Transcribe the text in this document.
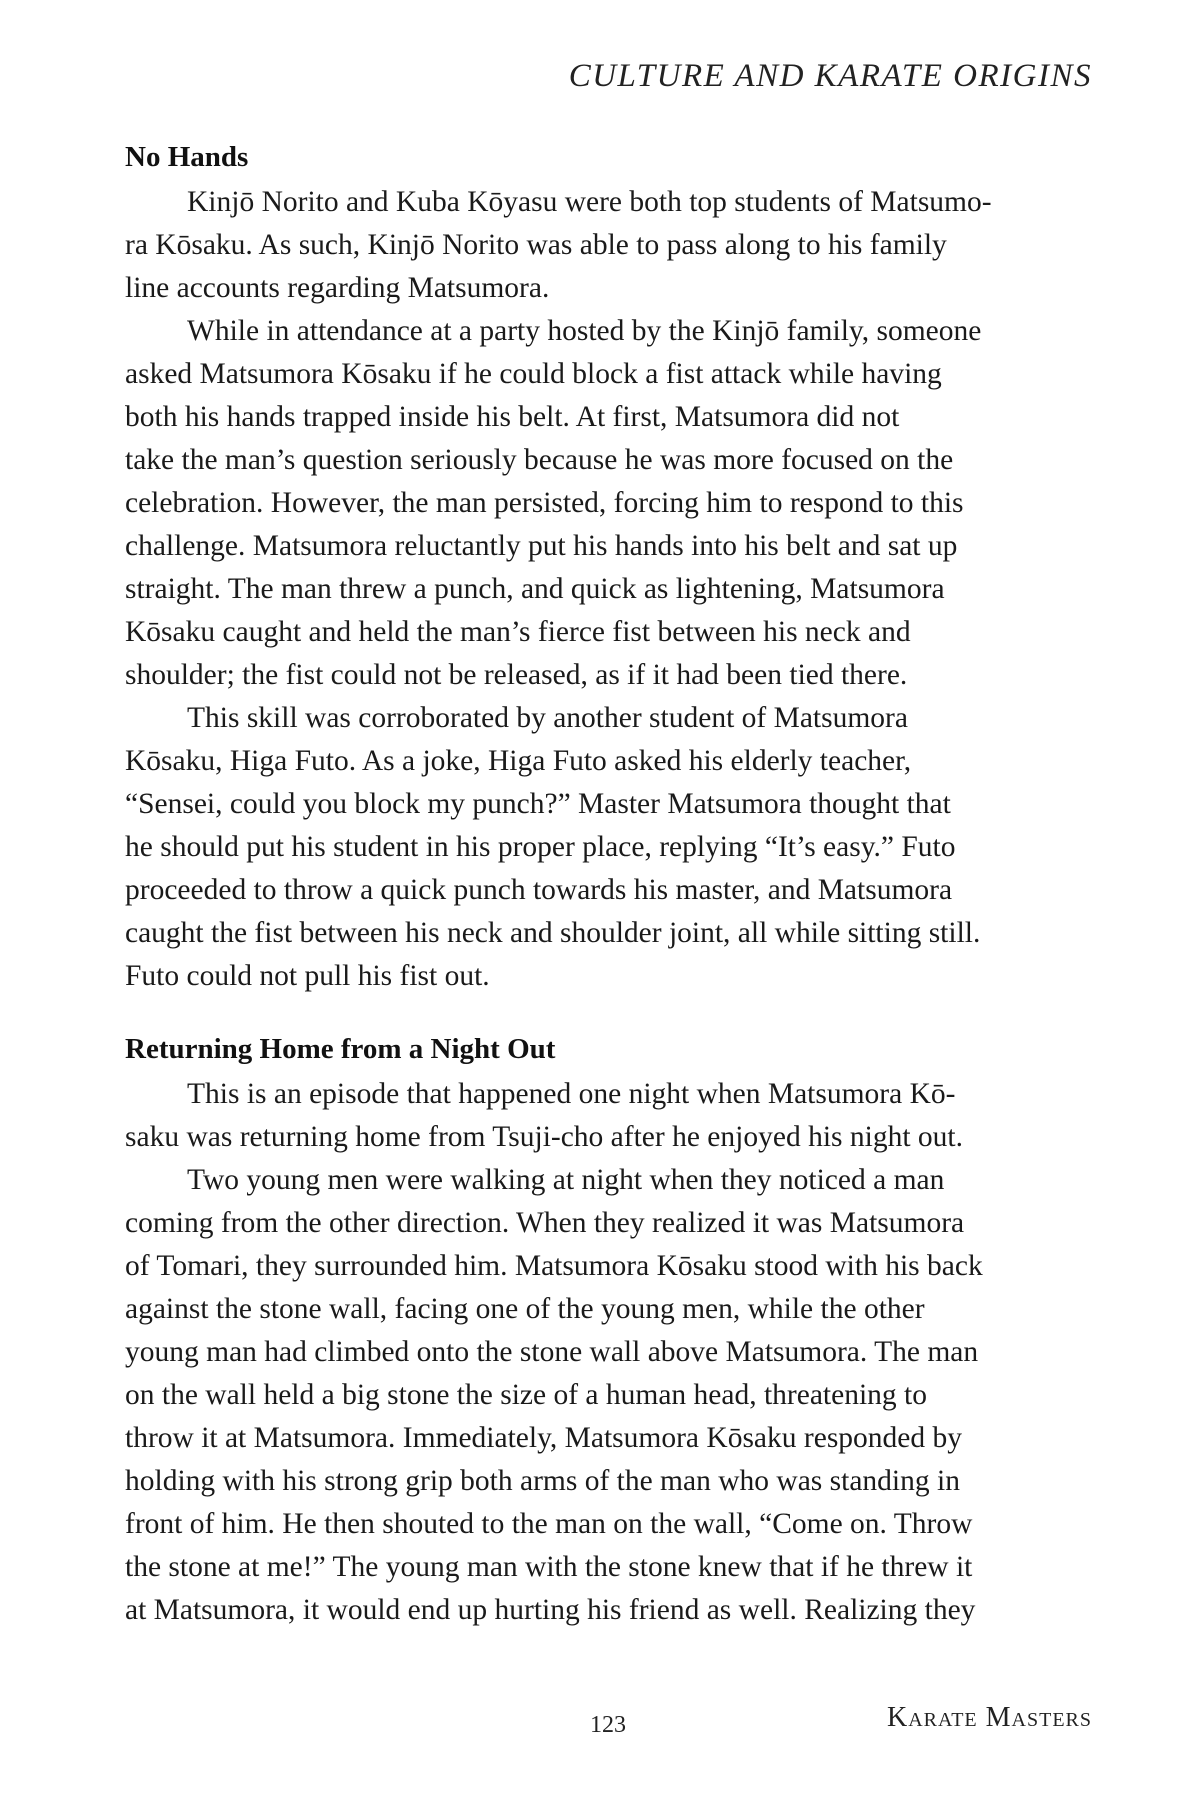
CULTURE AND KARATE ORIGINS
No Hands
Kinjō Norito and Kuba Kōyasu were both top students of Matsumo-
ra Kōsaku. As such, Kinjō Norito was able to pass along to his family
line accounts regarding Matsumora.
While in attendance at a party hosted by the Kinjō family, someone
asked Matsumora Kōsaku if he could block a fist attack while having
both his hands trapped inside his belt. At first, Matsumora did not
take the man’s question seriously because he was more focused on the
celebration. However, the man persisted, forcing him to respond to this
challenge. Matsumora reluctantly put his hands into his belt and sat up
straight. The man threw a punch, and quick as lightening, Matsumora
Kōsaku caught and held the man’s fierce fist between his neck and
shoulder; the fist could not be released, as if it had been tied there.
This skill was corroborated by another student of Matsumora
Kōsaku, Higa Futo. As a joke, Higa Futo asked his elderly teacher,
“Sensei, could you block my punch?” Master Matsumora thought that
he should put his student in his proper place, replying “It’s easy.” Futo
proceeded to throw a quick punch towards his master, and Matsumora
caught the fist between his neck and shoulder joint, all while sitting still.
Futo could not pull his fist out.
Returning Home from a Night Out
This is an episode that happened one night when Matsumora Kō-
saku was returning home from Tsuji-cho after he enjoyed his night out.
Two young men were walking at night when they noticed a man
coming from the other direction. When they realized it was Matsumora
of Tomari, they surrounded him. Matsumora Kōsaku stood with his back
against the stone wall, facing one of the young men, while the other
young man had climbed onto the stone wall above Matsumora. The man
on the wall held a big stone the size of a human head, threatening to
throw it at Matsumora. Immediately, Matsumora Kōsaku responded by
holding with his strong grip both arms of the man who was standing in
front of him. He then shouted to the man on the wall, “Come on. Throw
the stone at me!” The young man with the stone knew that if he threw it
at Matsumora, it would end up hurting his friend as well. Realizing they
123	Karate Masters
